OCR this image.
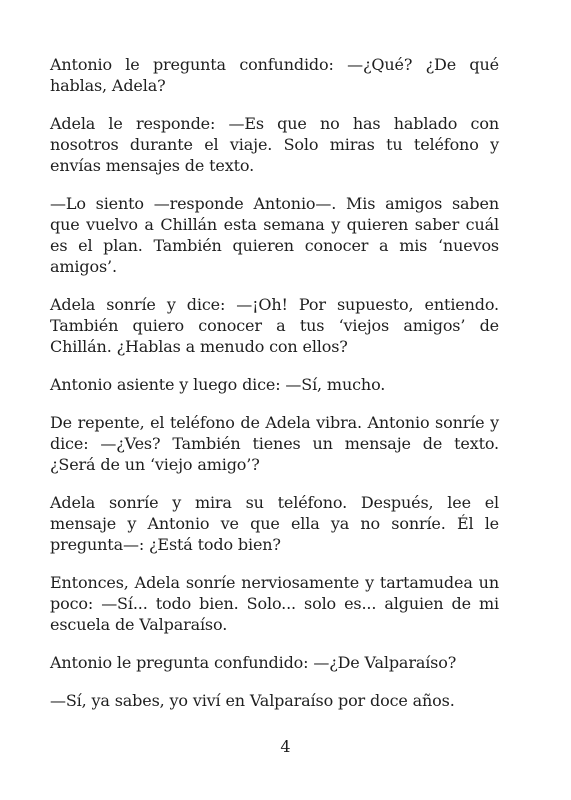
Antonio le pregunta confundido: —¿Qué? ¿De qué hablas, Adela?

Adela le responde: —Es que no has hablado con nosotros durante el viaje. Solo miras tu teléfono y envías mensajes de texto.

—Lo siento —responde Antonio—. Mis amigos saben que vuelvo a Chillán esta semana y quieren saber cuál es el plan. También quieren conocer a mis ‘nuevos amigos’.

Adela sonríe y dice: —¡Oh! Por supuesto, entiendo. También quiero conocer a tus ‘viejos amigos’ de Chillán. ¿Hablas a menudo con ellos?

Antonio asiente y luego dice: —Sí, mucho.

De repente, el teléfono de Adela vibra. Antonio sonríe y dice: —¿Ves? También tienes un mensaje de texto. ¿Será de un ‘viejo amigo’?

Adela sonríe y mira su teléfono. Después, lee el mensaje y Antonio ve que ella ya no sonríe. Él le pregunta—: ¿Está todo bien?

Entonces, Adela sonríe nerviosamente y tartamudea un poco: —Sí... todo bien. Solo... solo es... alguien de mi escuela de Valparaíso.

Antonio le pregunta confundido: —¿De Valparaíso?

—Sí, ya sabes, yo viví en Valparaíso por doce años.

4
